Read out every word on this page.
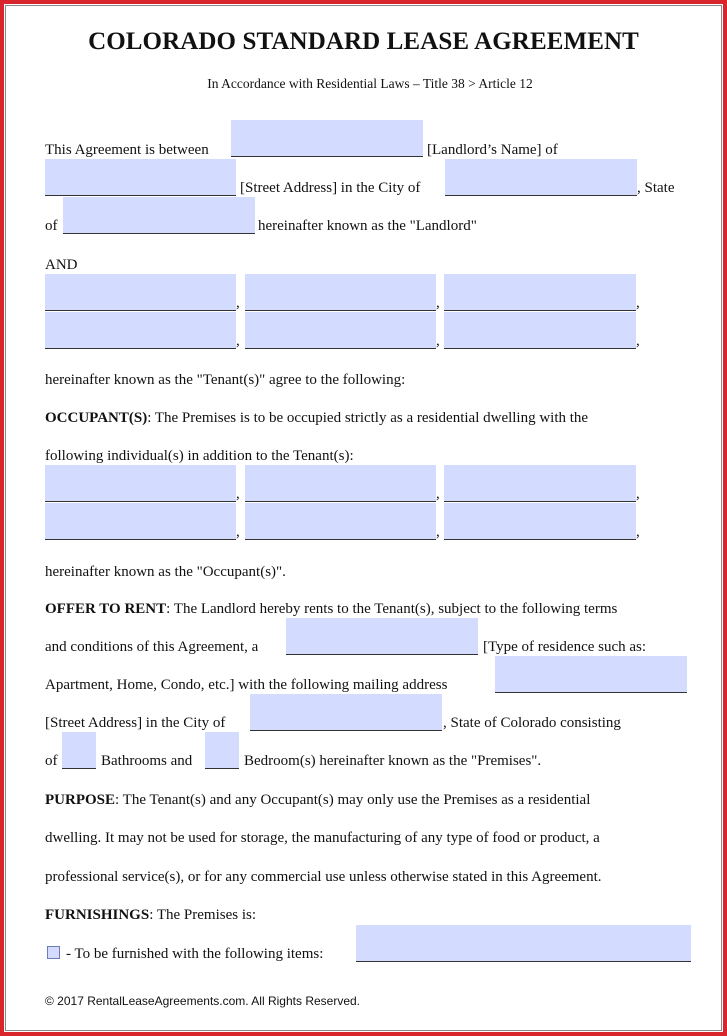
COLORADO STANDARD LEASE AGREEMENT
In Accordance with Residential Laws – Title 38 > Article 12
This Agreement is between	[Landlord’s Name] of
[Street Address] in the City of	, State
of	hereinafter known as the "Landlord"
AND
,	,	,
,	,	,
hereinafter known as the "Tenant(s)" agree to the following:
OCCUPANT(S): The Premises is to be occupied strictly as a residential dwelling with the
following individual(s) in addition to the Tenant(s):
,	,	,
,	,	,
hereinafter known as the "Occupant(s)".
OFFER TO RENT: The Landlord hereby rents to the Tenant(s), subject to the following terms
and conditions of this Agreement, a	[Type of residence such as:
Apartment, Home, Condo, etc.] with the following mailing address
[Street Address] in the City of	, State of Colorado consisting
of	Bathrooms and	Bedroom(s) hereinafter known as the "Premises".
PURPOSE: The Tenant(s) and any Occupant(s) may only use the Premises as a residential
dwelling. It may not be used for storage, the manufacturing of any type of food or product, a
professional service(s), or for any commercial use unless otherwise stated in this Agreement.
FURNISHINGS: The Premises is:
- To be furnished with the following items:
© 2017 RentalLeaseAgreements.com. All Rights Reserved.
